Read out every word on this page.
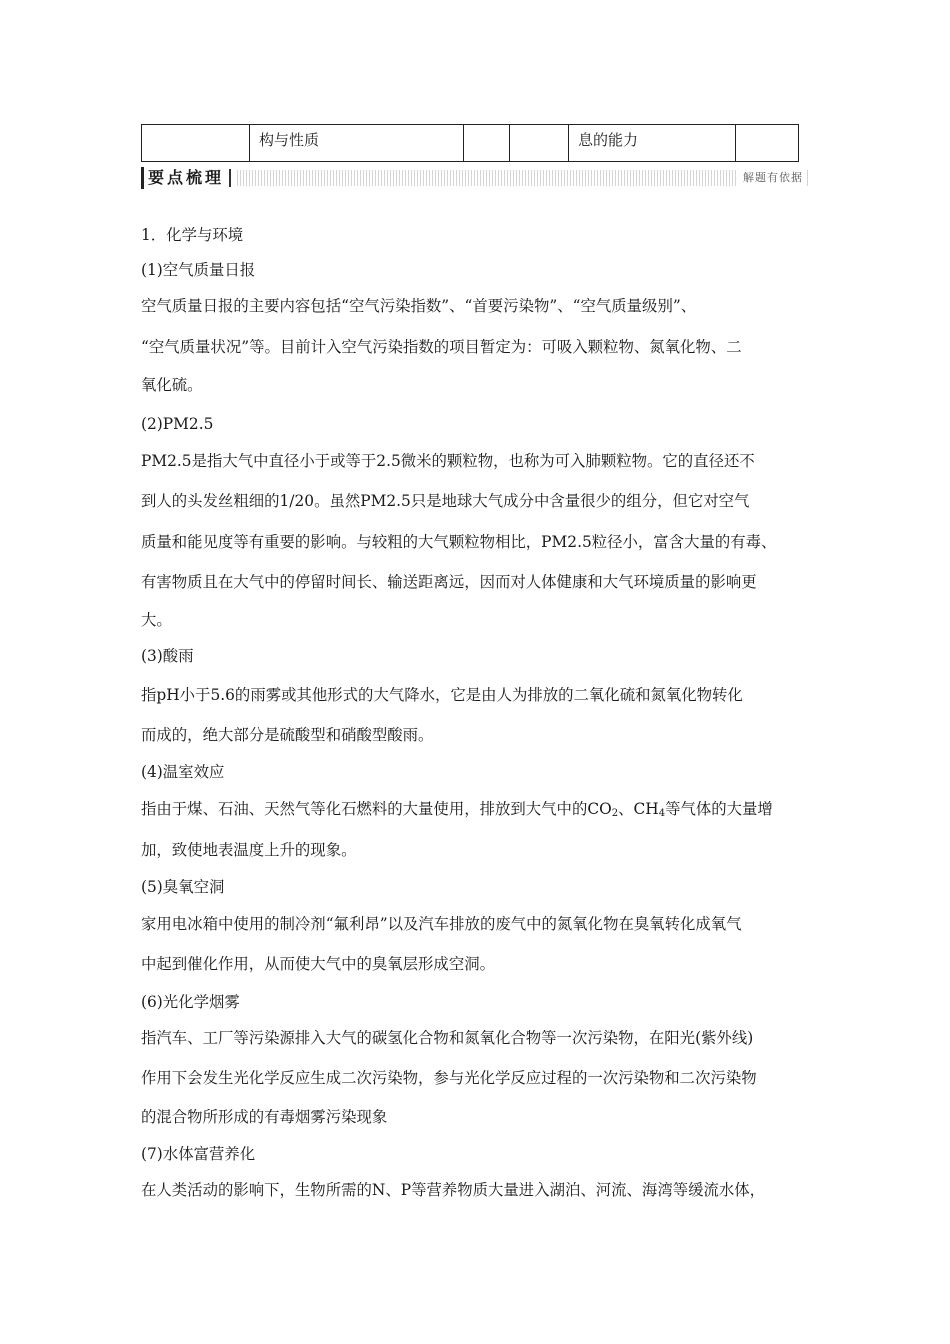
构与性质	息的能力
要点梳理	解题有依据
1．化学与环境
(1)空气质量日报
空气质量日报的主要内容包括“空气污染指数”、“首要污染物”、“空气质量级别”、
“空气质量状况”等。目前计入空气污染指数的项目暂定为：可吸入颗粒物、氮氧化物、二
氧化硫。
(2)PM2.5
PM2.5是指大气中直径小于或等于2.5微米的颗粒物，也称为可入肺颗粒物。它的直径还不
到人的头发丝粗细的1/20。虽然PM2.5只是地球大气成分中含量很少的组分，但它对空气
质量和能见度等有重要的影响。与较粗的大气颗粒物相比，PM2.5粒径小，富含大量的有毒、
有害物质且在大气中的停留时间长、输送距离远，因而对人体健康和大气环境质量的影响更
大。
(3)酸雨
指pH小于5.6的雨雾或其他形式的大气降水，它是由人为排放的二氧化硫和氮氧化物转化
而成的，绝大部分是硫酸型和硝酸型酸雨。
(4)温室效应
指由于煤、石油、天然气等化石燃料的大量使用，排放到大气中的$CO_2$、$CH_4$等气体的大量增
加，致使地表温度上升的现象。
(5)臭氧空洞
家用电冰箱中使用的制冷剂“氟利昂”以及汽车排放的废气中的氮氧化物在臭氧转化成氧气
中起到催化作用，从而使大气中的臭氧层形成空洞。
(6)光化学烟雾
指汽车、工厂等污染源排入大气的碳氢化合物和氮氧化合物等一次污染物，在阳光(紫外线)
作用下会发生光化学反应生成二次污染物，参与光化学反应过程的一次污染物和二次污染物
的混合物所形成的有毒烟雾污染现象
(7)水体富营养化
在人类活动的影响下，生物所需的N、P等营养物质大量进入湖泊、河流、海湾等缓流水体，
